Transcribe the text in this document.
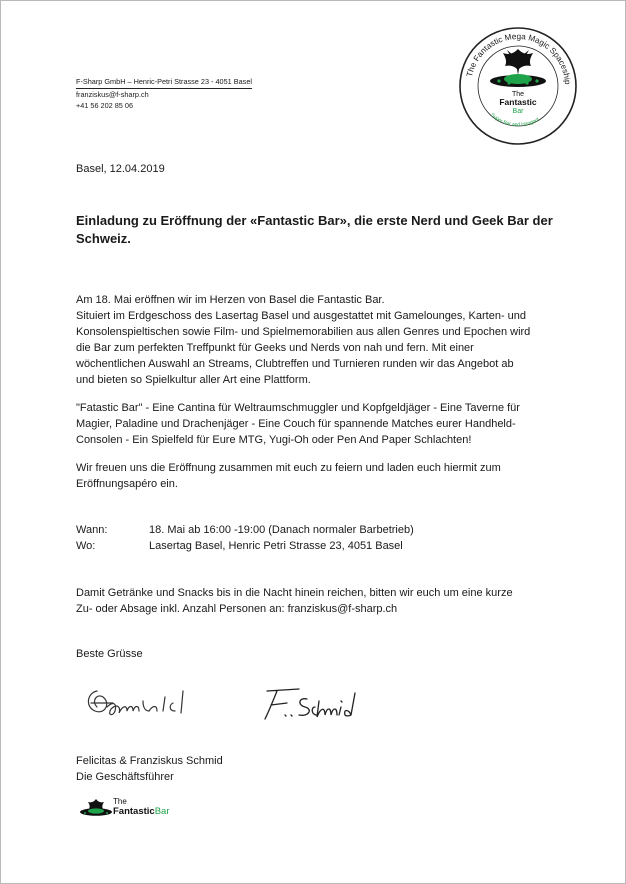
F-Sharp GmbH – Henric-Petri Strasse 23 - 4051 Basel
franziskus@f-sharp.ch
+41 56 202 85 06
The Fantastic Mega Magic Spaceship
Super Bar and Hangout
The
Fantastic
Bar
Basel, 12.04.2019
Einladung zu Eröffnung der «Fantastic Bar», die erste Nerd und Geek Bar der
Schweiz.

Am 18. Mai eröffnen wir im Herzen von Basel die Fantastic Bar.

Situiert im Erdgeschoss des Lasertag Basel und ausgestattet mit Gamelounges, Karten- und

Konsolenspieltischen sowie Film- und Spielmemorabilien aus allen Genres und Epochen wird

die Bar zum perfekten Treffpunkt für Geeks und Nerds von nah und fern. Mit einer

wöchentlichen Auswahl an Streams, Clubtreffen und Turnieren runden wir das Angebot ab

und bieten so Spielkultur aller Art eine Plattform.

"Fatastic Bar" - Eine Cantina für Weltraumschmuggler und Kopfgeldjäger - Eine Taverne für

Magier, Paladine und Drachenjäger - Eine Couch für spannende Matches eurer Handheld-

Consolen - Ein Spielfeld für Eure MTG, Yugi-Oh oder Pen And Paper Schlachten!

Wir freuen uns die Eröffnung zusammen mit euch zu feiern und laden euch hiermit zum

Eröffnungsapéro ein.

Wann:	18. Mai ab 16:00 -19:00 (Danach normaler Barbetrieb)
Wo:	Lasertag Basel, Henric Petri Strasse 23, 4051 Basel

Damit Getränke und Snacks bis in die Nacht hinein reichen, bitten wir euch um eine kurze

Zu- oder Absage inkl. Anzahl Personen an: franziskus@f-sharp.ch

Beste Grüsse
Felicitas & Franziskus Schmid
Die Geschäftsführer
The
FantasticBar
